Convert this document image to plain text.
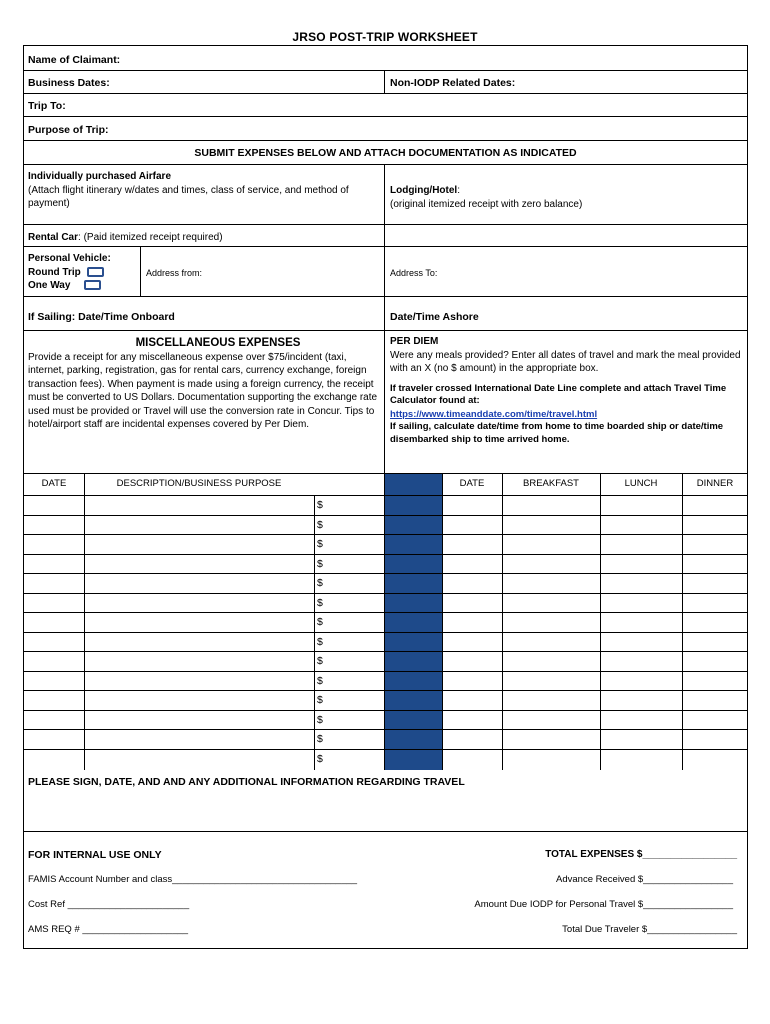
JRSO POST-TRIP WORKSHEET
Name of Claimant:
Business Dates:	Non-IODP Related Dates:
Trip To:
Purpose of Trip:
SUBMIT EXPENSES BELOW AND ATTACH DOCUMENTATION AS INDICATED
Individually purchased Airfare
(Attach flight itinerary w/dates and times, class of service, and method of payment)
Lodging/Hotel:
(original itemized receipt with zero balance)
Rental Car: (Paid itemized receipt required)
Personal Vehicle:
Round Trip
One Way
Address from:	Address To:
If Sailing: Date/Time Onboard	Date/Time Ashore
MISCELLANEOUS EXPENSES
Provide a receipt for any miscellaneous expense over $75/incident (taxi, internet, parking, registration, gas for rental cars, currency exchange, foreign transaction fees). When payment is made using a foreign currency, the receipt must be converted to US Dollars. Documentation supporting the exchange rate used must be provided or Travel will use the conversion rate in Concur. Tips to hotel/airport staff are incidental expenses covered by Per Diem.
PER DIEM
Were any meals provided? Enter all dates of travel and mark the meal provided with an X (no $ amount) in the appropriate box.
If traveler crossed International Date Line complete and attach Travel Time Calculator found at:
https://www.timeanddate.com/time/travel.html
If sailing, calculate date/time from home to time boarded ship or date/time disembarked ship to time arrived home.
DATE	DESCRIPTION/BUSINESS PURPOSE	DATE	BREAKFAST	LUNCH	DINNER
$
$
$
$
$
$
$
$
$
$
$
$
$
$
PLEASE SIGN, DATE, AND AND ANY ADDITIONAL INFORMATION REGARDING TRAVEL
FOR INTERNAL USE ONLY	TOTAL EXPENSES $_________________
FAMIS Account Number and class___________________________________	Advance Received $_________________
Cost Ref _______________________	Amount Due IODP for Personal Travel $_________________
AMS REQ # ____________________	Total Due Traveler $_________________
